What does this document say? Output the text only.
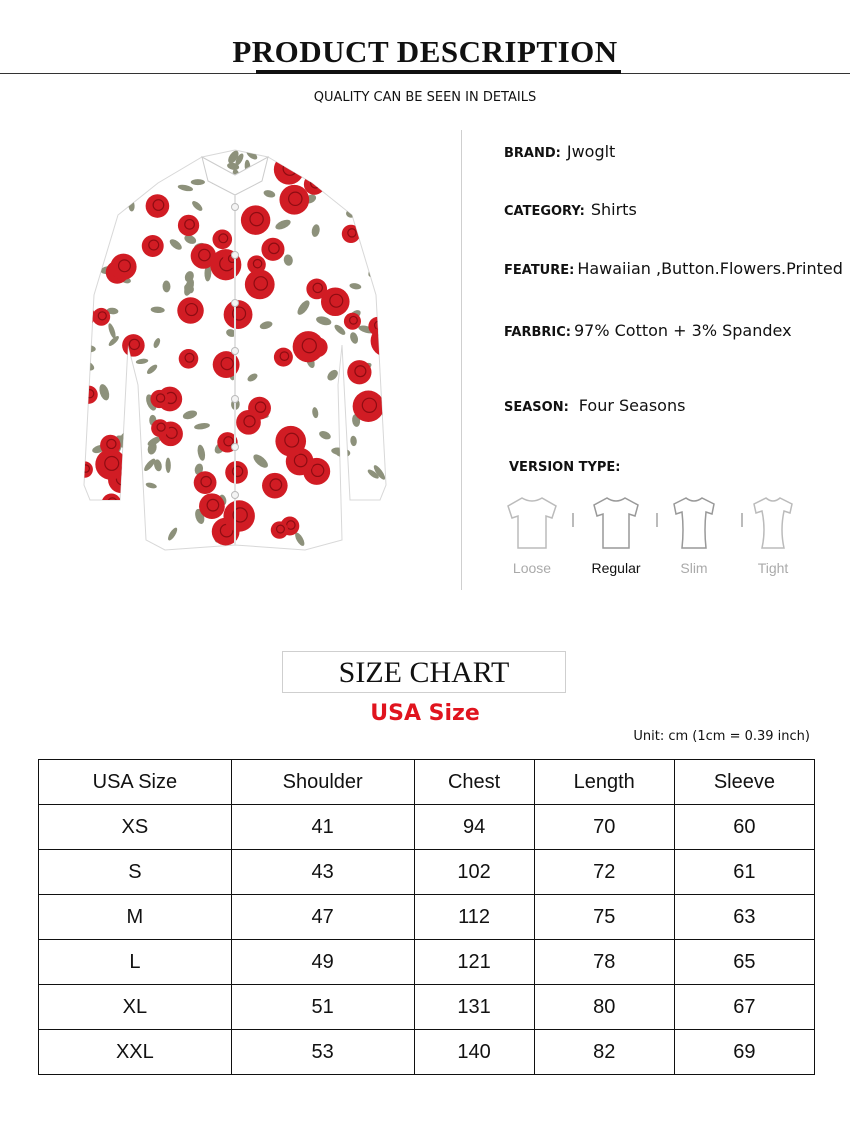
PRODUCT DESCRIPTION
QUALITY CAN BE SEEN IN DETAILS
BRAND: Jwoglt
CATEGORY: Shirts
FEATURE: Hawaiian ,Button.Flowers.Printed
FARBRIC: 97% Cotton + 3% Spandex
SEASON: Four Seasons
VERSION TYPE:
Loose	Regular	Slim	Tight
SIZE CHART
USA Size
Unit: cm (1cm = 0.39 inch)
USA Size	Shoulder	Chest	Length	Sleeve
XS	41	94	70	60
S	43	102	72	61
M	47	112	75	63
L	49	121	78	65
XL	51	131	80	67
XXL	53	140	82	69
